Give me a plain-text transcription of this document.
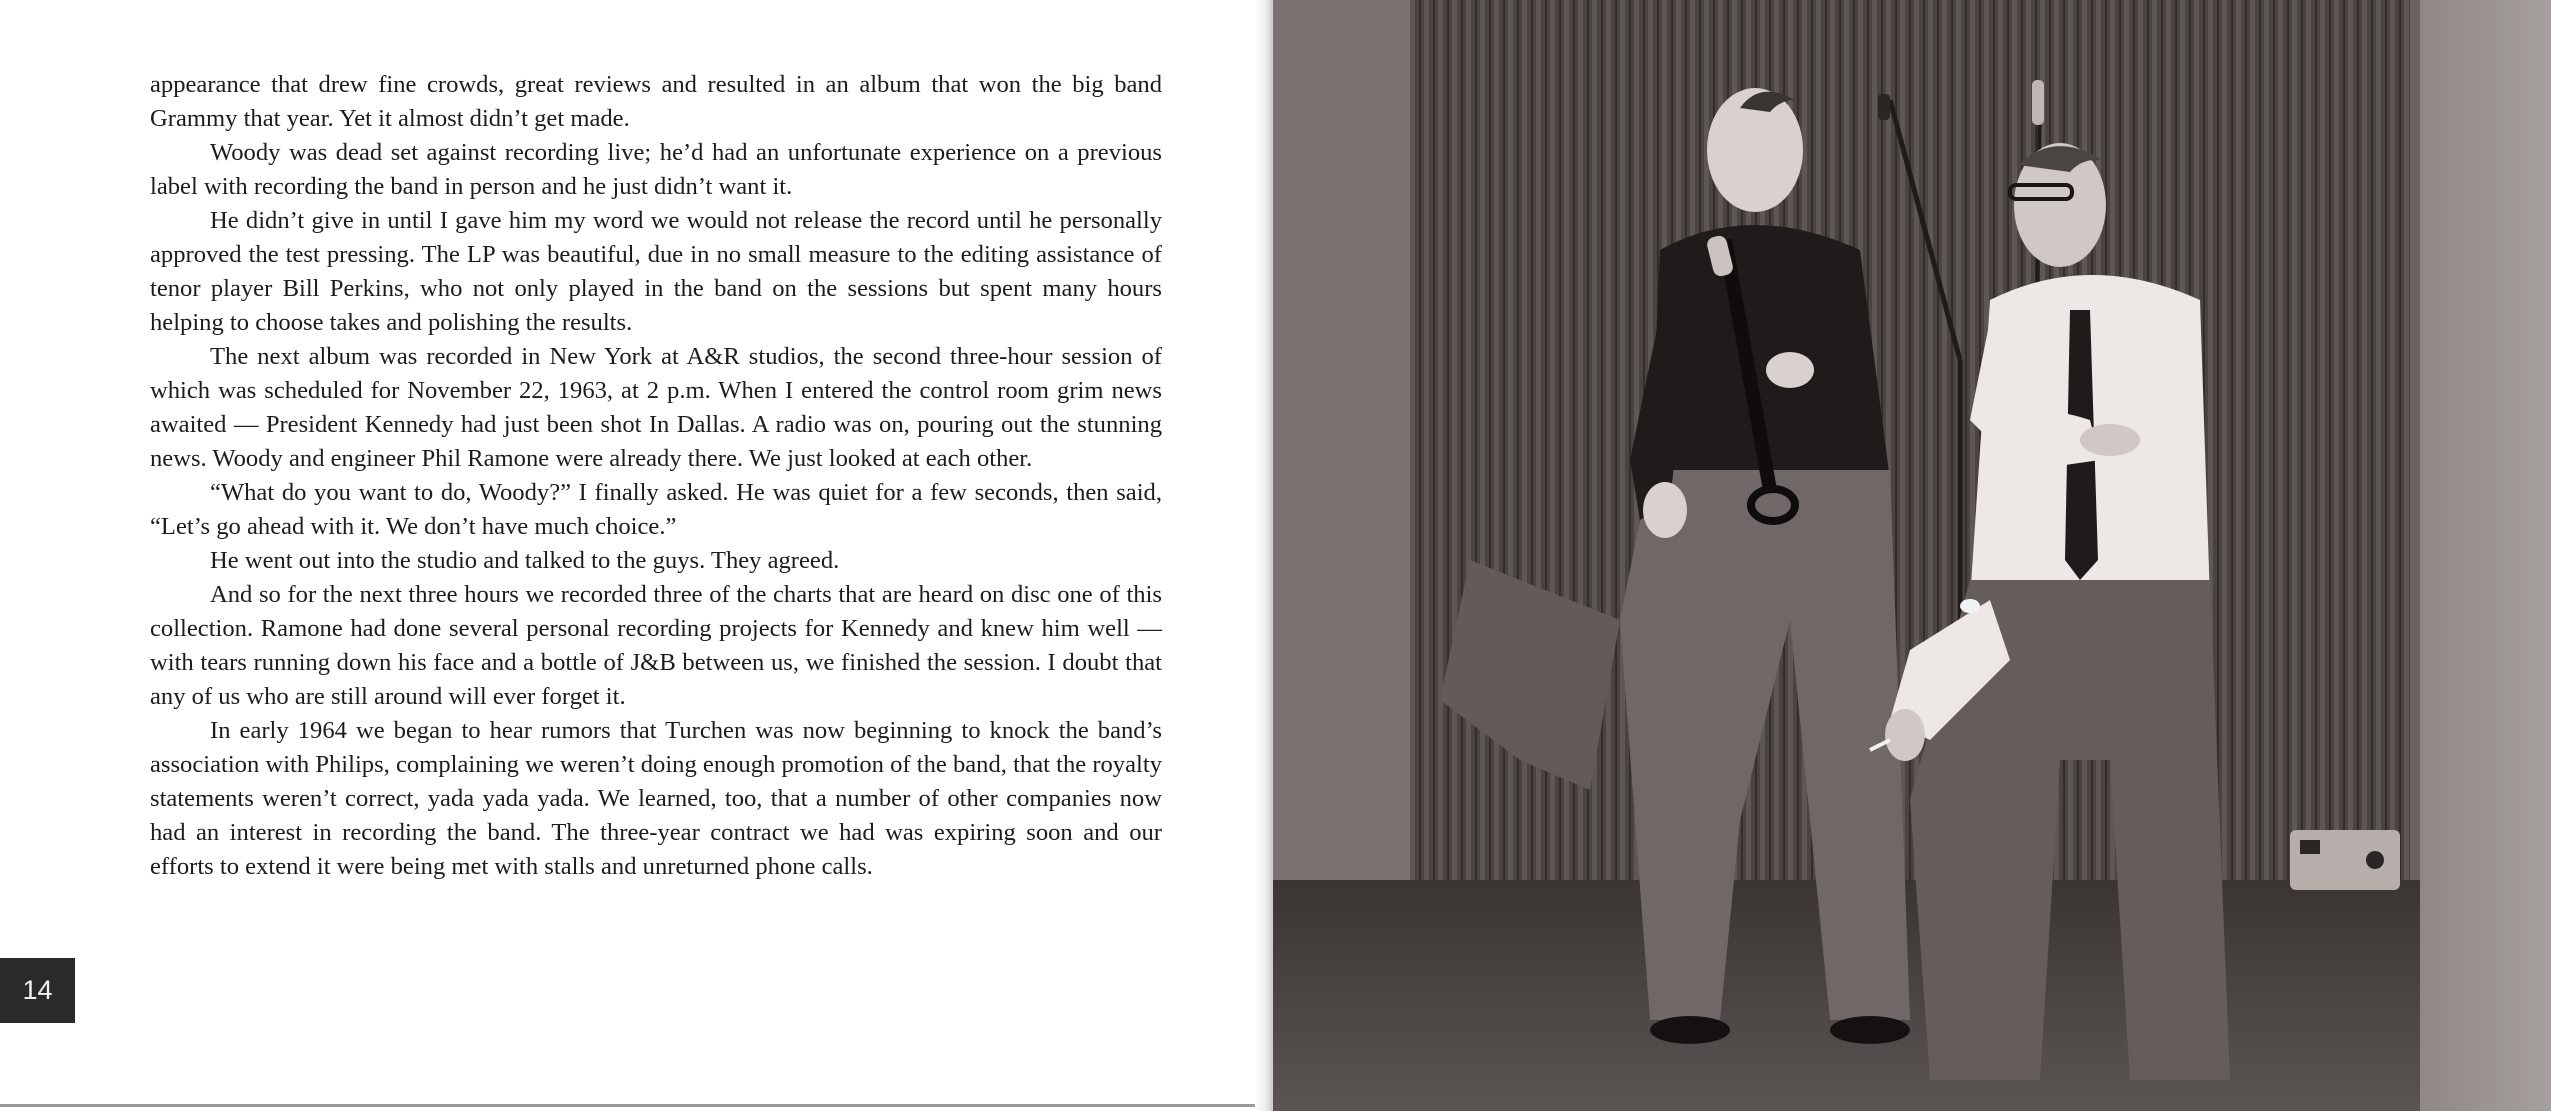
appearance that drew fine crowds, great reviews and resulted in an album that won the big band Grammy that year. Yet it almost didn’t get made.

Woody was dead set against recording live; he’d had an unfortunate experience on a previous label with recording the band in person and he just didn’t want it.

He didn’t give in until I gave him my word we would not release the record until he personally approved the test pressing. The LP was beautiful, due in no small measure to the editing assistance of tenor player Bill Perkins, who not only played in the band on the sessions but spent many hours helping to choose takes and polishing the results.

The next album was recorded in New York at A&R studios, the second three-hour session of which was scheduled for November 22, 1963, at 2 p.m. When I entered the control room grim news awaited — President Kennedy had just been shot In Dallas. A radio was on, pouring out the stunning news. Woody and engineer Phil Ramone were already there. We just looked at each other.

“What do you want to do, Woody?” I finally asked. He was quiet for a few seconds, then said, “Let’s go ahead with it. We don’t have much choice.”

He went out into the studio and talked to the guys. They agreed.

And so for the next three hours we recorded three of the charts that are heard on disc one of this collection. Ramone had done several personal recording projects for Kennedy and knew him well — with tears running down his face and a bottle of J&B between us, we finished the session. I doubt that any of us who are still around will ever forget it.

In early 1964 we began to hear rumors that Turchen was now beginning to knock the band’s association with Philips, complaining we weren’t doing enough promotion of the band, that the royalty statements weren’t correct, yada yada yada. We learned, too, that a number of other companies now had an interest in recording the band. The three-year contract we had was expiring soon and our efforts to extend it were being met with stalls and unreturned phone calls.

14
